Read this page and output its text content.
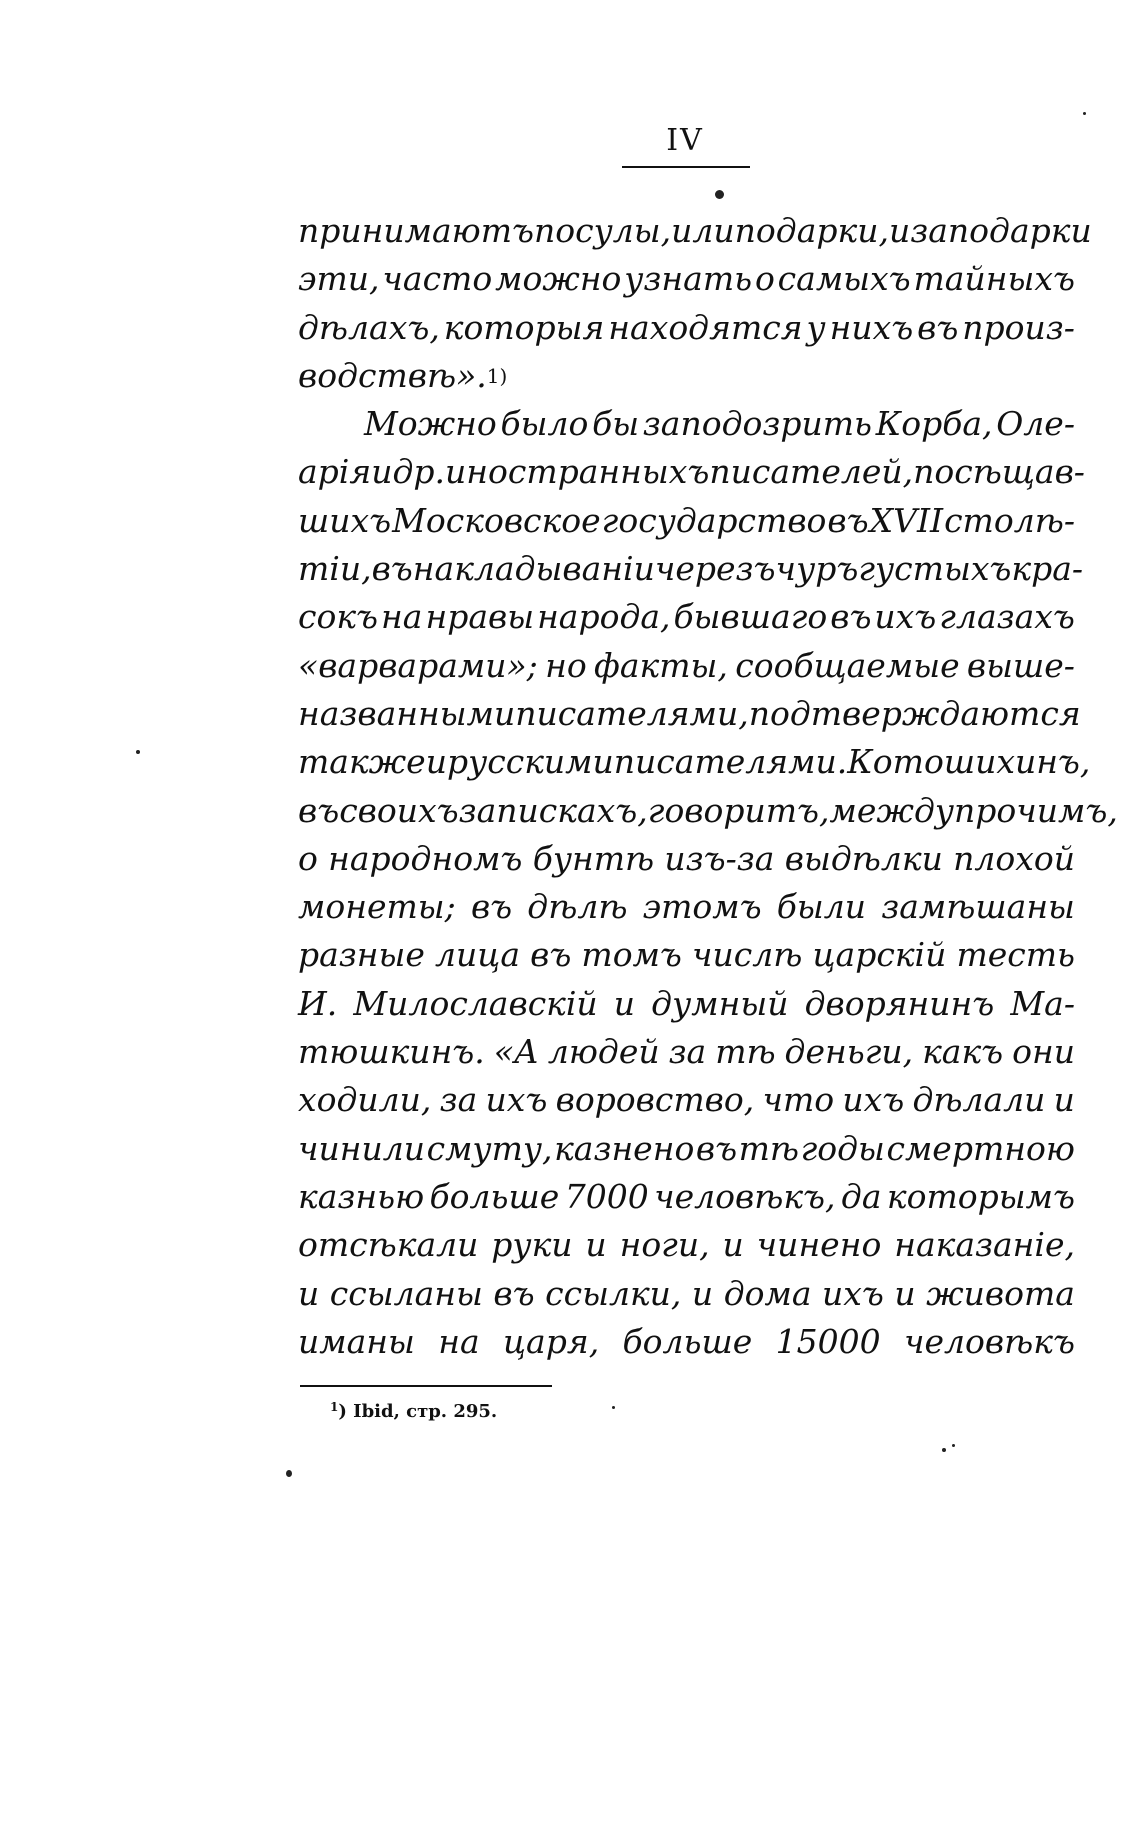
IV
принимаютъ посулы, или подарки, и за подарки
эти, часто можно узнать о самыхъ тайныхъ
дѣлахъ, которыя находятся у нихъ въ произ-
водствѣ». 1)
Можно было бы заподозрить Корба, Оле-
арiя и др. иностранныхъ писателей, посѣщав-
шихъ Московское государство въ XVII столѣ-
тiи, въ накладыванiи черезъ чуръ густыхъ кра-
сокъ на нравы народа, бывшаго въ ихъ глазахъ
«варварами»; но факты, сообщаемые выше-
названными писателями, подтверждаются
также и русскими писателями. Котошихинъ,
въ своихъ запискахъ, говоритъ, между прочимъ,
о народномъ бунтѣ изъ-за выдѣлки плохой
монеты; въ дѣлѣ этомъ были замѣшаны
разные лица въ томъ числѣ царскiй тесть
И. Милославскiй и думный дворянинъ Ма-
тюшкинъ. «А людей за тѣ деньги, какъ они
ходили, за ихъ воровство, что ихъ дѣлали и
чинили смуту, казнено въ тѣ годы смертною
казнью больше 7000 человѣкъ, да которымъ
отсѣкали руки и ноги, и чинено наказанiе,
и ссыланы въ ссылки, и дома ихъ и живота
иманы на царя, больше 15000 человѣкъ
$^1$) Ibid, стр. 295.
